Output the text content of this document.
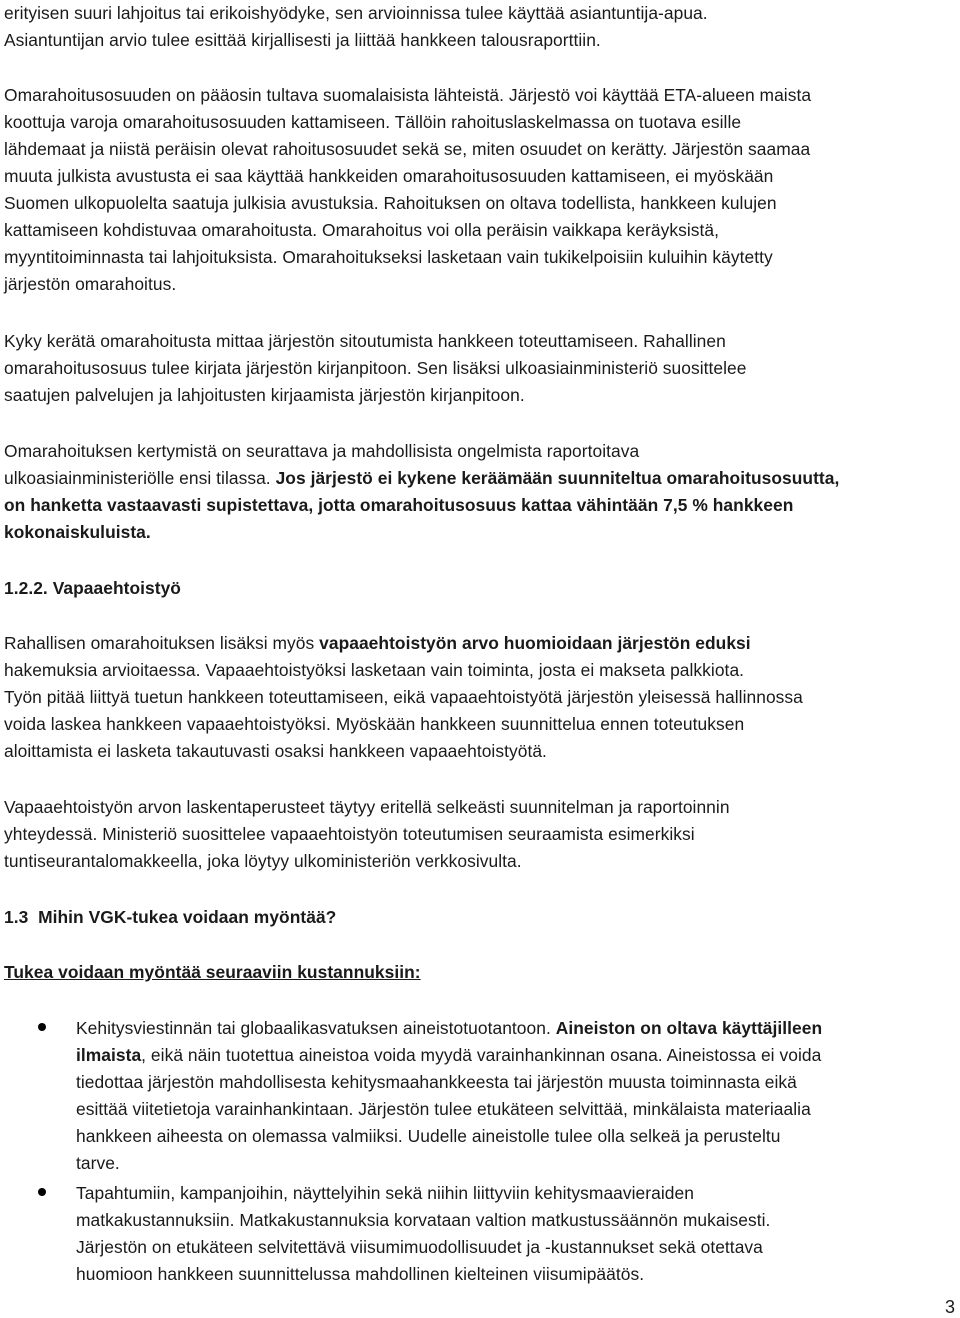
erityisen suuri lahjoitus tai erikoishyödyke, sen arvioinnissa tulee käyttää asiantuntija-apua.
Asiantuntijan arvio tulee esittää kirjallisesti ja liittää hankkeen talousraporttiin.
Omarahoitusosuuden on pääosin tultava suomalaisista lähteistä. Järjestö voi käyttää ETA-alueen maista
koottuja varoja omarahoitusosuuden kattamiseen. Tällöin rahoituslaskelmassa on tuotava esille
lähdemaat ja niistä peräisin olevat rahoitusosuudet sekä se, miten osuudet on kerätty. Järjestön saamaa
muuta julkista avustusta ei saa käyttää hankkeiden omarahoitusosuuden kattamiseen, ei myöskään
Suomen ulkopuolelta saatuja julkisia avustuksia. Rahoituksen on oltava todellista, hankkeen kulujen
kattamiseen kohdistuvaa omarahoitusta. Omarahoitus voi olla peräisin vaikkapa keräyksistä,
myyntitoiminnasta tai lahjoituksista. Omarahoitukseksi lasketaan vain tukikelpoisiin kuluihin käytetty
järjestön omarahoitus.
Kyky kerätä omarahoitusta mittaa järjestön sitoutumista hankkeen toteuttamiseen. Rahallinen
omarahoitusosuus tulee kirjata järjestön kirjanpitoon. Sen lisäksi ulkoasiainministeriö suosittelee
saatujen palvelujen ja lahjoitusten kirjaamista järjestön kirjanpitoon.
Omarahoituksen kertymistä on seurattava ja mahdollisista ongelmista raportoitava
ulkoasiainministeriölle ensi tilassa. Jos järjestö ei kykene keräämään suunniteltua omarahoitusosuutta,
on hanketta vastaavasti supistettava, jotta omarahoitusosuus kattaa vähintään 7,5 % hankkeen
kokonaiskuluista.
1.2.2. Vapaaehtoistyö
Rahallisen omarahoituksen lisäksi myös vapaaehtoistyön arvo huomioidaan järjestön eduksi
hakemuksia arvioitaessa. Vapaaehtoistyöksi lasketaan vain toiminta, josta ei makseta palkkiota.
Työn pitää liittyä tuetun hankkeen toteuttamiseen, eikä vapaaehtoistyötä järjestön yleisessä hallinnossa
voida laskea hankkeen vapaaehtoistyöksi. Myöskään hankkeen suunnittelua ennen toteutuksen
aloittamista ei lasketa takautuvasti osaksi hankkeen vapaaehtoistyötä.
Vapaaehtoistyön arvon laskentaperusteet täytyy eritellä selkeästi suunnitelman ja raportoinnin
yhteydessä. Ministeriö suosittelee vapaaehtoistyön toteutumisen seuraamista esimerkiksi
tuntiseurantalomakkeella, joka löytyy ulkoministeriön verkkosivulta.
1.3  Mihin VGK-tukea voidaan myöntää?
Tukea voidaan myöntää seuraaviin kustannuksiin:
Kehitysviestinnän tai globaalikasvatuksen aineistotuotantoon. Aineiston on oltava käyttäjilleen
ilmaista, eikä näin tuotettua aineistoa voida myydä varainhankinnan osana. Aineistossa ei voida
tiedottaa järjestön mahdollisesta kehitysmaahankkeesta tai järjestön muusta toiminnasta eikä
esittää viitetietoja varainhankintaan. Järjestön tulee etukäteen selvittää, minkälaista materiaalia
hankkeen aiheesta on olemassa valmiiksi. Uudelle aineistolle tulee olla selkeä ja perusteltu
tarve.
Tapahtumiin, kampanjoihin, näyttelyihin sekä niihin liittyviin kehitysmaavieraiden
matkakustannuksiin. Matkakustannuksia korvataan valtion matkustussäännön mukaisesti.
Järjestön on etukäteen selvitettävä viisumimuodollisuudet ja -kustannukset sekä otettava
huomioon hankkeen suunnittelussa mahdollinen kielteinen viisumipäätös.
3
